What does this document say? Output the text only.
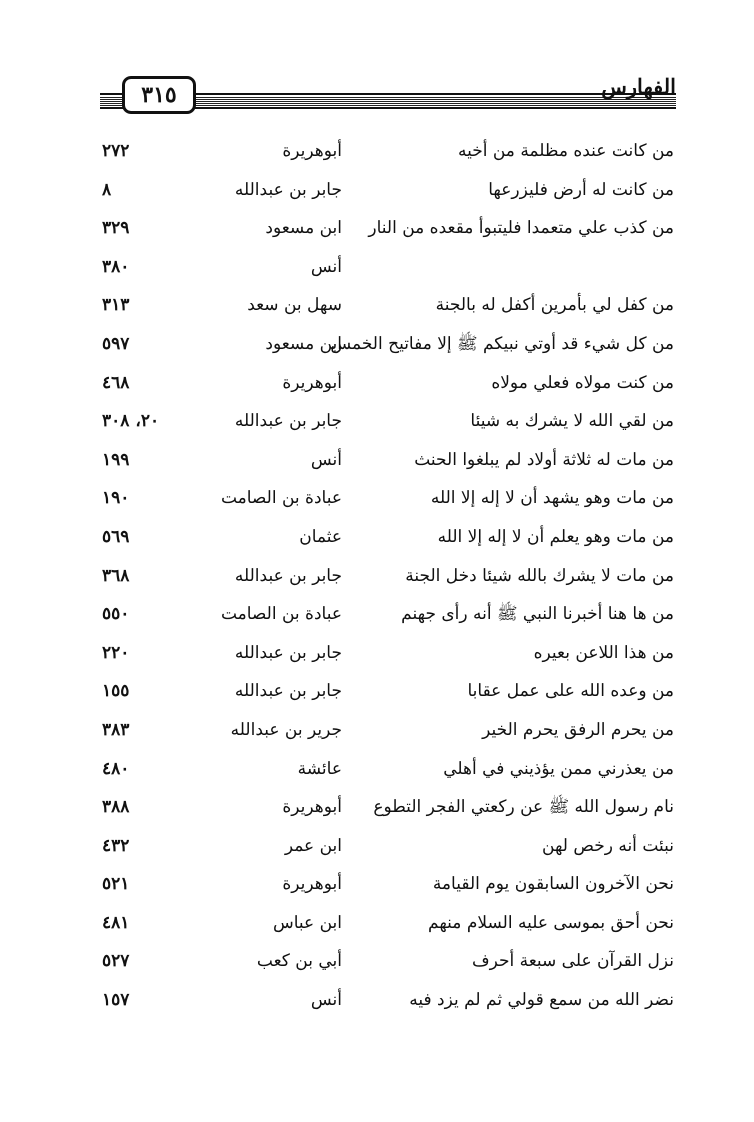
الفهارس
٣١٥
من كانت عنده مظلمة من أخيه
أبوهريرة
٢٧٢
من كانت له أرض فليزرعها
جابر بن عبدالله
٨
من كذب علي متعمدا فليتبوأ مقعده من النار
ابن مسعود
٣٢٩
أنس
٣٨٠
من كفل لي بأمرين أكفل له بالجنة
سهل بن سعد
٣١٣
من كل شيء قد أوتي نبيكم ﷺ إلا مفاتيح الخمس
ابن مسعود
٥٩٧
من كنت مولاه فعلي مولاه
أبوهريرة
٤٦٨
من لقي الله لا يشرك به شيئا
جابر بن عبدالله
٢٠، ٣٠٨
من مات له ثلاثة أولاد لم يبلغوا الحنث
أنس
١٩٩
من مات وهو يشهد أن لا إله إلا الله
عبادة بن الصامت
١٩٠
من مات وهو يعلم أن لا إله إلا الله
عثمان
٥٦٩
من مات لا يشرك بالله شيئا دخل الجنة
جابر بن عبدالله
٣٦٨
من ها هنا أخبرنا النبي ﷺ أنه رأى جهنم
عبادة بن الصامت
٥٥٠
من هذا اللاعن بعيره
جابر بن عبدالله
٢٢٠
من وعده الله على عمل عقابا
جابر بن عبدالله
١٥٥
من يحرم الرفق يحرم الخير
جرير بن عبدالله
٣٨٣
من يعذرني ممن يؤذيني في أهلي
عائشة
٤٨٠
نام رسول الله ﷺ عن ركعتي الفجر التطوع
أبوهريرة
٣٨٨
نبئت أنه رخص لهن
ابن عمر
٤٣٢
نحن الآخرون السابقون يوم القيامة
أبوهريرة
٥٢١
نحن أحق بموسى عليه السلام منهم
ابن عباس
٤٨١
نزل القرآن على سبعة أحرف
أبي بن كعب
٥٢٧
نضر الله من سمع قولي ثم لم يزد فيه
أنس
١٥٧
